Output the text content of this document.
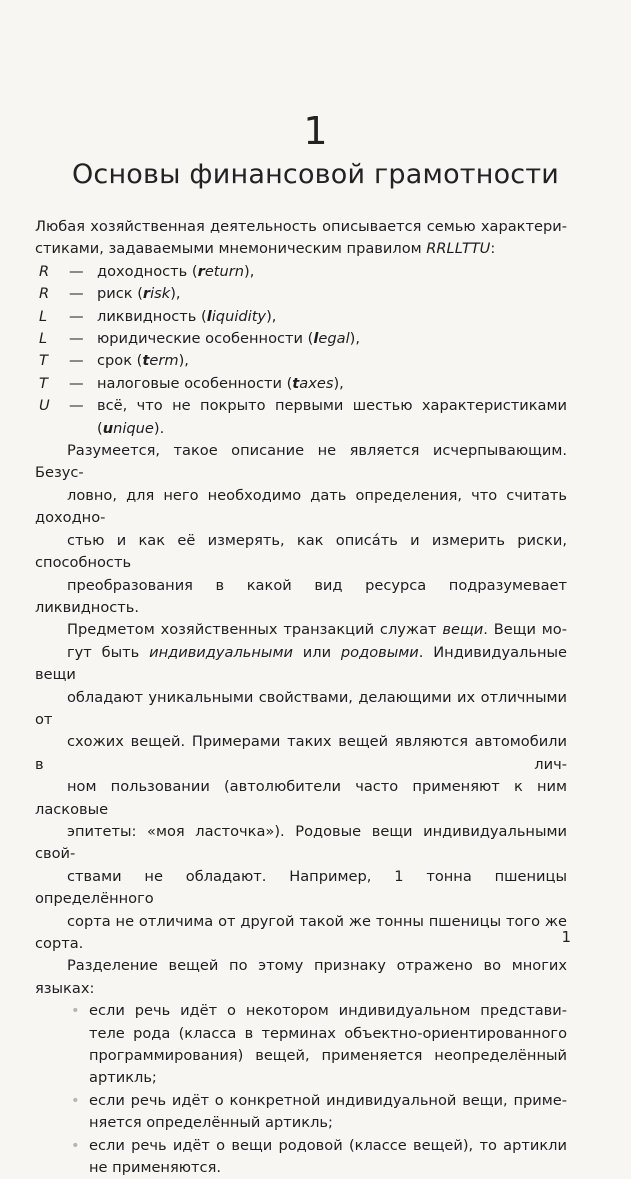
1
Основы финансовой грамотности

Любая хозяйственная деятельность описывается семью характери-
стиками, задаваемыми мнемоническим правилом RRLLTTU:

R	— доходность (return),
R	— риск (risk),
L	— ликвидность (liquidity),
L	— юридические особенности (legal),
T	— срок (term),
T	— налоговые особенности (taxes),
U	— всё, что не покрыто первыми шестью характеристиками
(unique).

Разумеется, такое описание не является исчерпывающим. Безус-
ловно, для него необходимо дать определения, что считать доходно-
стью и как её измерять, как описáть и измерить риски, способность
преобразования в какой вид ресурса подразумевает ликвидность.

Предметом хозяйственных транзакций служат вещи. Вещи мо-
гут быть индивидуальными или родовыми. Индивидуальные вещи
обладают уникальными свойствами, делающими их отличными от
схожих вещей. Примерами таких вещей являются автомобили в лич-
ном пользовании (автолюбители часто применяют к ним ласковые
эпитеты: «моя ласточка»). Родовые вещи индивидуальными свой-
ствами не обладают. Например, 1 тонна пшеницы определённого
сорта не отличима от другой такой же тонны пшеницы того же сорта.
Разделение вещей по этому признаку отражено во многих языках:

• если речь идёт о некотором индивидуальном представи-
теле рода (класса в терминах объектно-ориентированного
программирования) вещей, применяется неопределённый
артикль;
• если речь идёт о конкретной индивидуальной вещи, приме-
няется определённый артикль;
• если речь идёт о вещи родовой (классе вещей), то артикли
не применяются.
1
